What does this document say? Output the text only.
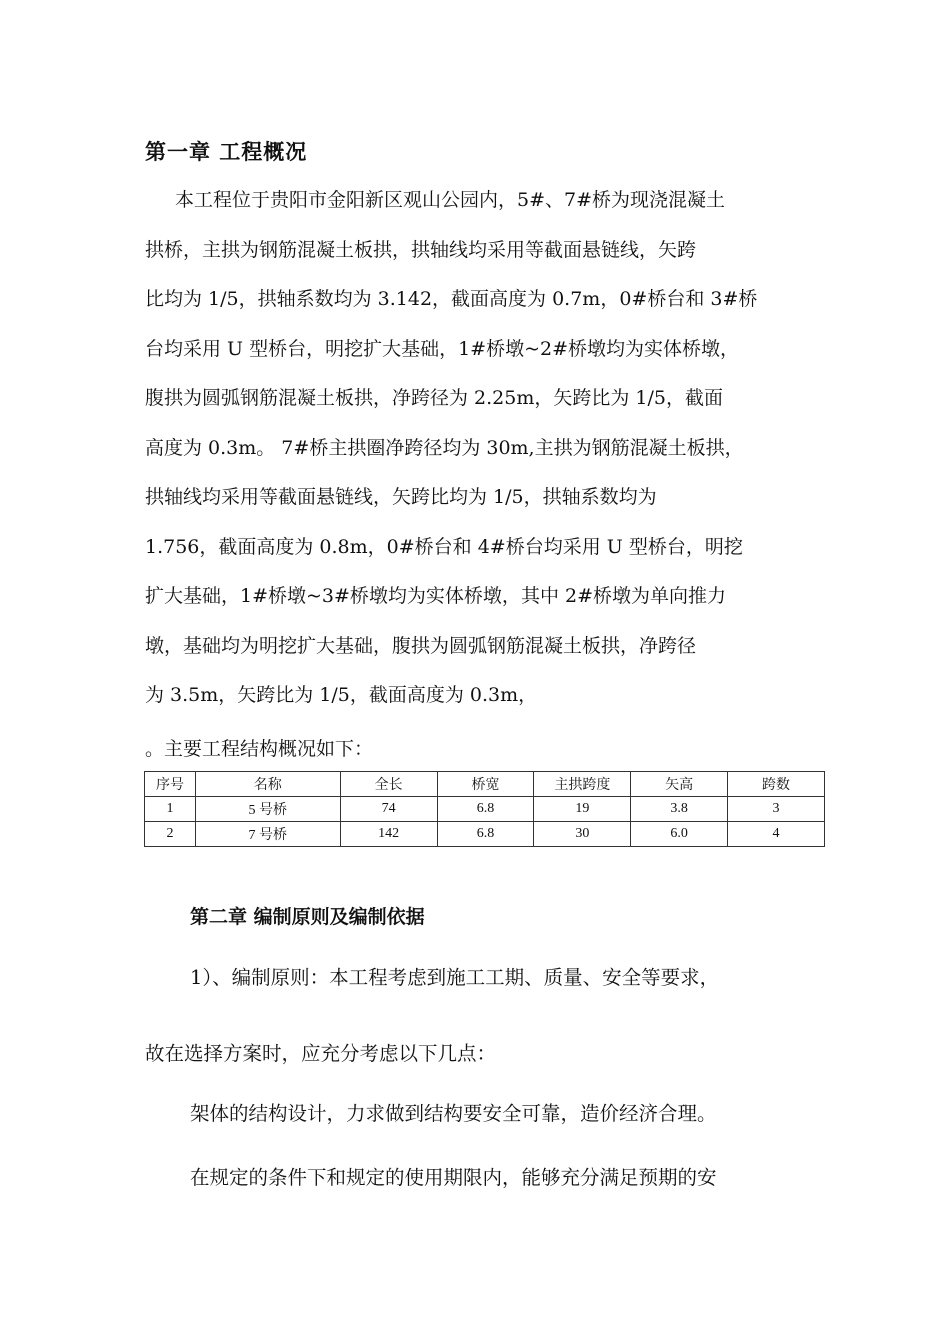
第一章 工程概况
本工程位于贵阳市金阳新区观山公园内，5#、7#桥为现浇混凝土
拱桥，主拱为钢筋混凝土板拱，拱轴线均采用等截面悬链线，矢跨
比均为 1/5，拱轴系数均为 3.142，截面高度为 0.7m，0#桥台和 3#桥
台均采用 U 型桥台，明挖扩大基础，1#桥墩~2#桥墩均为实体桥墩，
腹拱为圆弧钢筋混凝土板拱，净跨径为 2.25m，矢跨比为 1/5，截面
高度为 0.3m。 7#桥主拱圈净跨径均为 30m,主拱为钢筋混凝土板拱，
拱轴线均采用等截面悬链线，矢跨比均为 1/5，拱轴系数均为
1.756，截面高度为 0.8m，0#桥台和 4#桥台均采用 U 型桥台，明挖
扩大基础，1#桥墩~3#桥墩均为实体桥墩，其中 2#桥墩为单向推力
墩，基础均为明挖扩大基础，腹拱为圆弧钢筋混凝土板拱，净跨径
为 3.5m，矢跨比为 1/5，截面高度为 0.3m，
。主要工程结构概况如下：
序号	名称	全长	桥宽	主拱跨度	矢高	跨数
1	5 号桥	74	6.8	19	3.8	3
2	7 号桥	142	6.8	30	6.0	4
第二章 编制原则及编制依据
1）、编制原则：本工程考虑到施工工期、质量、安全等要求，
故在选择方案时，应充分考虑以下几点：
架体的结构设计，力求做到结构要安全可靠，造价经济合理。
在规定的条件下和规定的使用期限内，能够充分满足预期的安
